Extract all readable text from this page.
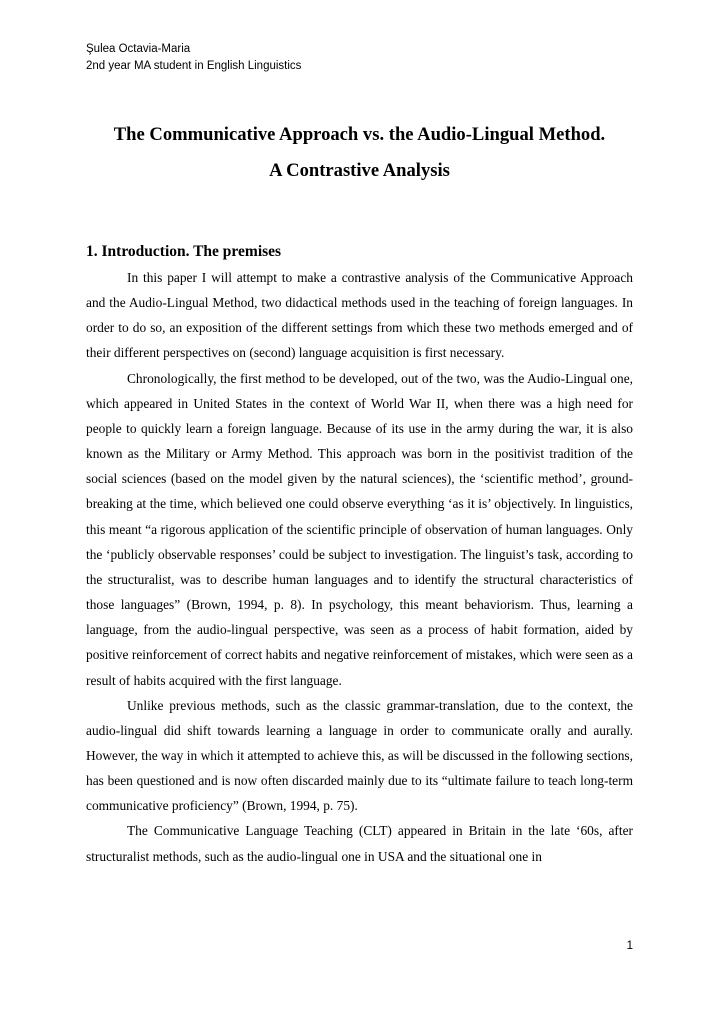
Şulea Octavia-Maria
2nd year MA student in English Linguistics
The Communicative Approach vs. the Audio-Lingual Method.
A Contrastive Analysis
1. Introduction. The premises

In this paper I will attempt to make a contrastive analysis of the Communicative Approach and the Audio-Lingual Method, two didactical methods used in the teaching of foreign languages. In order to do so, an exposition of the different settings from which these two methods emerged and of their different perspectives on (second) language acquisition is first necessary.

Chronologically, the first method to be developed, out of the two, was the Audio-Lingual one, which appeared in United States in the context of World War II, when there was a high need for people to quickly learn a foreign language. Because of its use in the army during the war, it is also known as the Military or Army Method. This approach was born in the positivist tradition of the social sciences (based on the model given by the natural sciences), the ‘scientific method’, ground-breaking at the time, which believed one could observe everything ‘as it is’ objectively. In linguistics, this meant “a rigorous application of the scientific principle of observation of human languages. Only the ‘publicly observable responses’ could be subject to investigation. The linguist’s task, according to the structuralist, was to describe human languages and to identify the structural characteristics of those languages” (Brown, 1994, p. 8). In psychology, this meant behaviorism. Thus, learning a language, from the audio-lingual perspective, was seen as a process of habit formation, aided by positive reinforcement of correct habits and negative reinforcement of mistakes, which were seen as a result of habits acquired with the first language.

Unlike previous methods, such as the classic grammar-translation, due to the context, the audio-lingual did shift towards learning a language in order to communicate orally and aurally. However, the way in which it attempted to achieve this, as will be discussed in the following sections, has been questioned and is now often discarded mainly due to its “ultimate failure to teach long-term communicative proficiency” (Brown, 1994, p. 75).

The Communicative Language Teaching (CLT) appeared in Britain in the late ‘60s, after structuralist methods, such as the audio-lingual one in USA and the situational one in

1
